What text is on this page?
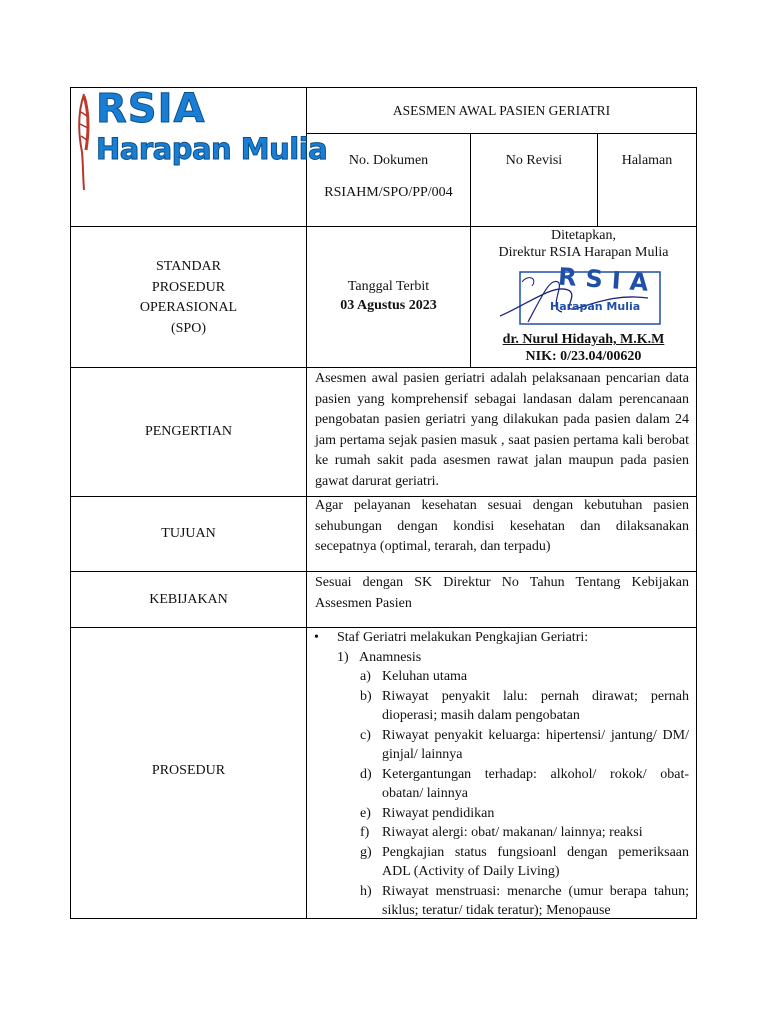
RSIA
Harapan Mulia
ASESMEN AWAL PASIEN GERIATRI
No. Dokumen
RSIAHM/SPO/PP/004
No Revisi	Halaman
STANDAR
PROSEDUR
OPERASIONAL
(SPO)
Tanggal Terbit
03 Agustus 2023
Ditetapkan,
Direktur RSIA Harapan Mulia
RSIA
Harapan Mulia
dr. Nurul Hidayah, M.K.M
NIK: 0/23.04/00620
PENGERTIAN
Asesmen awal pasien geriatri adalah pelaksanaan pencarian data pasien yang komprehensif sebagai landasan dalam perencanaan pengobatan pasien geriatri yang dilakukan pada pasien dalam 24 jam pertama sejak pasien masuk , saat pasien pertama kali berobat ke rumah sakit pada asesmen rawat jalan maupun pada pasien gawat darurat geriatri.
TUJUAN
Agar pelayanan kesehatan sesuai dengan kebutuhan pasien sehubungan dengan kondisi kesehatan dan dilaksanakan secepatnya (optimal, terarah, dan terpadu)
KEBIJAKAN
Sesuai dengan SK Direktur No Tahun Tentang Kebijakan Assesmen Pasien
PROSEDUR
• Staf Geriatri melakukan Pengkajian Geriatri:
1) Anamnesis
a) Keluhan utama
b) Riwayat penyakit lalu: pernah dirawat; pernah dioperasi; masih dalam pengobatan
c) Riwayat penyakit keluarga: hipertensi/ jantung/ DM/ ginjal/ lainnya
d) Ketergantungan terhadap: alkohol/ rokok/ obat-obatan/ lainnya
e) Riwayat pendidikan
f) Riwayat alergi: obat/ makanan/ lainnya; reaksi
g) Pengkajian status fungsioanl dengan pemeriksaan ADL (Activity of Daily Living)
h) Riwayat menstruasi: menarche (umur berapa tahun; siklus; teratur/ tidak teratur); Menopause
